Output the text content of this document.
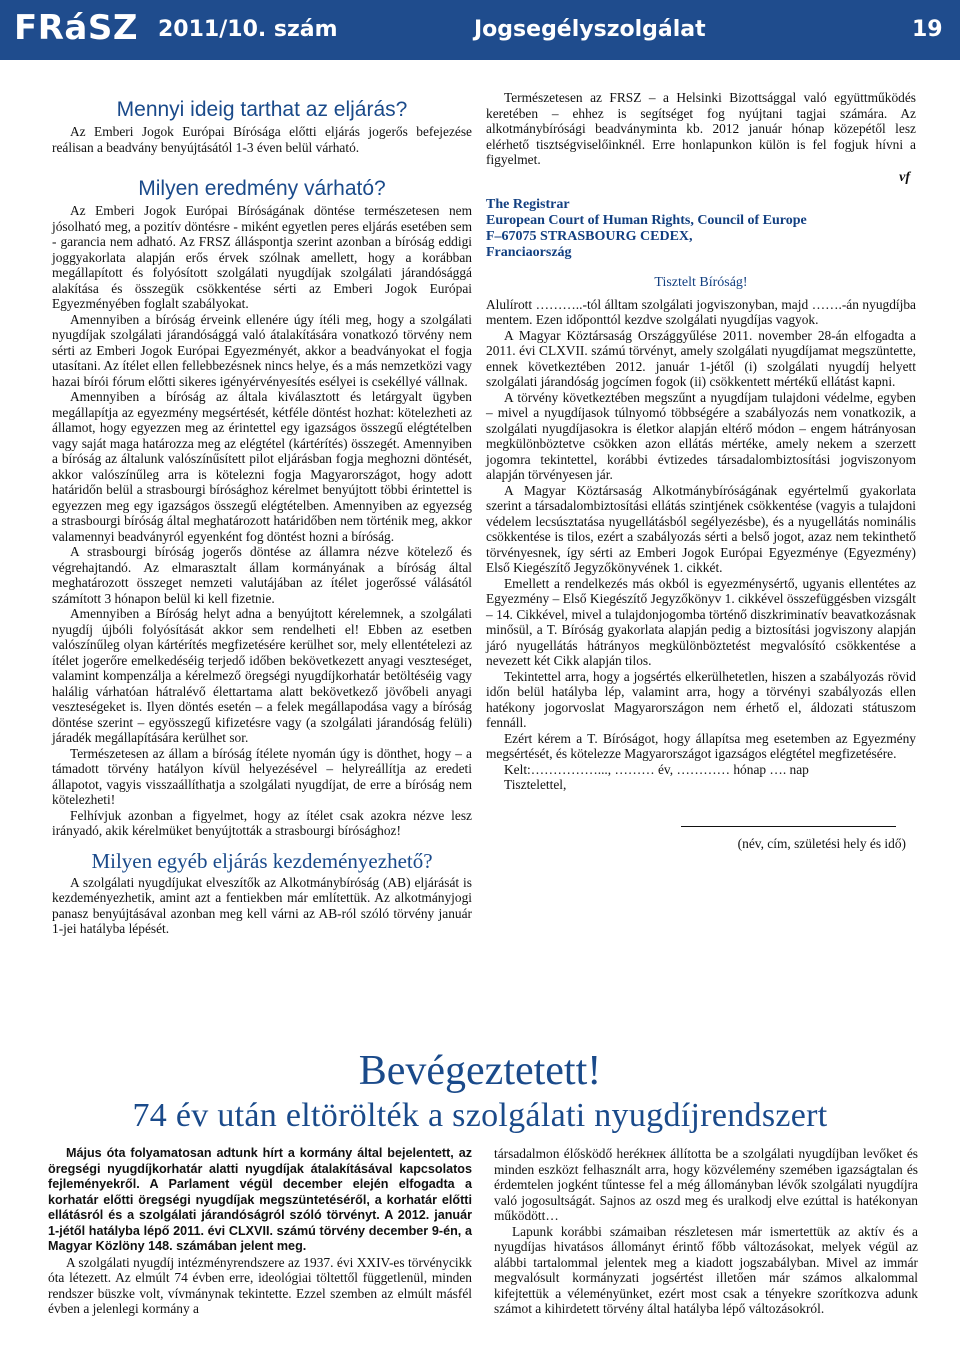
FRáSZ 2011/10. szám	Jogsegélyszolgálat	19
Mennyi ideig tarthat az eljárás?

Az Emberi Jogok Európai Bírósága előtti eljárás jogerős befejezése reálisan a beadvány benyújtásától 1-3 éven belül várható.

Milyen eredmény várható?

Az Emberi Jogok Európai Bíróságának döntése természetesen nem jósolható meg, a pozitív döntésre - miként egyetlen peres eljárás esetében sem - garancia nem adható. Az FRSZ álláspontja szerint azonban a bíróság eddigi joggyakorlata alapján erős érvek szólnak amellett, hogy a korábban megállapított és folyósított szolgálati nyugdíjak szolgálati járandósággá alakítása és összegük csökkentése sérti az Emberi Jogok Európai Egyezményében foglalt szabályokat.

Amennyiben a bíróság érveink ellenére úgy ítéli meg, hogy a szolgálati nyugdíjak szolgálati járandósággá való átalakítására vonatkozó törvény nem sérti az Emberi Jogok Európai Egyezményét, akkor a beadványokat el fogja utasítani. Az ítélet ellen fellebbezésnek nincs helye, és a más nemzetközi vagy hazai bírói fórum előtti sikeres igényérvényesítés esélyei is csekéllyé vállnak.

Amennyiben a bíróság az általa kiválasztott és letárgyalt ügyben megállapítja az egyezmény megsértését, kétféle döntést hozhat: kötelezheti az államot, hogy egyezzen meg az érintettel egy igazságos összegű elégtételben vagy saját maga határozza meg az elégtétel (kártérítés) összegét. Amennyiben a bíróság az általunk valószínűsített pilot eljárásban fogja meghozni döntését, akkor valószínűleg arra is kötelezni fogja Magyarországot, hogy adott határidőn belül a strasbourgi bírósághoz kérelmet benyújtott többi érintettel is egyezzen meg egy igazságos összegű elégtételben. Amennyiben az egyezség a strasbourgi bíróság által meghatározott határidőben nem történik meg, akkor valamennyi beadványról egyenként fog döntést hozni a bíróság.

A strasbourgi bíróság jogerős döntése az államra nézve kötelező és végrehajtandó. Az elmarasztalt állam kormányának a bíróság által meghatározott összeget nemzeti valutájában az ítélet jogerőssé válásától számított 3 hónapon belül ki kell fizetnie.

Amennyiben a Bíróság helyt adna a benyújtott kérelemnek, a szolgálati nyugdíj újbóli folyósítását akkor sem rendelheti el! Ebben az esetben valószínűleg olyan kártérítés megfizetésére kerülhet sor, mely ellentételezi az ítélet jogerőre emelkedéséig terjedő időben bekövetkezett anyagi veszteséget, valamint kompenzálja a kérelmező öregségi nyugdíjkorhatár betöltéséig vagy halálig várhatóan hátralévő élettartama alatt bekövetkező jövőbeli anyagi veszteségeket is. Ilyen döntés esetén – a felek megállapodása vagy a bíróság döntése szerint – egyösszegű kifizetésre vagy (a szolgálati járandóság felüli) járadék megállapítására kerülhet sor.

Természetesen az állam a bíróság ítélete nyomán úgy is dönthet, hogy – a támadott törvény hatályon kívül helyezésével – helyreállítja az eredeti állapotot, vagyis visszaállíthatja a szolgálati nyugdíjat, de erre a bíróság nem kötelezheti!

Felhívjuk azonban a figyelmet, hogy az ítélet csak azokra nézve lesz irányadó, akik kérelmüket benyújtották a strasbourgi bírósághoz!

Milyen egyéb eljárás kezdeményezhető?

A szolgálati nyugdíjukat elveszítők az Alkotmánybíróság (AB) eljárását is kezdeményezhetik, amint azt a fentiekben már említettük. Az alkotmányjogi panasz benyújtásával azonban meg kell várni az AB-ról szóló törvény január 1-jei hatályba lépését.

Természetesen az FRSZ – a Helsinki Bizottsággal való együttműködés keretében – ehhez is segítséget fog nyújtani tagjai számára. Az alkotmánybírósági beadványminta kb. 2012 január hónap közepétől lesz elérhető tisztségviselőinknél. Erre honlapunkon külön is fel fogjuk hívni a figyelmet.

vf
The Registrar
European Court of Human Rights, Council of Europe
F–67075 STRASBOURG CEDEX,
Franciaország
Tisztelt Bíróság!

Alulírott ………..-tól álltam szolgálati jogviszonyban, majd …….-án nyugdíjba mentem. Ezen időponttól kezdve szolgálati nyugdíjas vagyok.

A Magyar Köztársaság Országgyűlése 2011. november 28-án elfogadta a 2011. évi CLXVII. számú törvényt, amely szolgálati nyugdíjamat megszüntette, ennek következtében 2012. január 1-jétől (i) szolgálati nyugdíj helyett szolgálati járandóság jogcímen fogok (ii) csökkentett mértékű ellátást kapni.

A törvény következtében megszűnt a nyugdíjam tulajdoni védelme, egyben – mivel a nyugdíjasok túlnyomó többségére a szabályozás nem vonatkozik, a szolgálati nyugdíjasokra is életkor alapján eltérő módon – engem hátrányosan megkülönböztetve csökken azon ellátás mértéke, amely nekem a szerzett jogomra tekintettel, korábbi évtizedes társadalombiztosítási jogviszonyom alapján törvényesen jár.

A Magyar Köztársaság Alkotmánybíróságának egyértelmű gyakorlata szerint a társadalombiztosítási ellátás szintjének csökkentése (vagyis a tulajdoni védelem lecsúsztatása nyugellátásból segélyezésbe), és a nyugellátás nominális csökkentése is tilos, ezért a szabályozás sérti a belső jogot, azaz nem tekinthető törvényesnek, így sérti az Emberi Jogok Európai Egyezménye (Egyezmény) Első Kiegészítő Jegyzőkönyvének 1. cikkét.

Emellett a rendelkezés más okból is egyezménysértő, ugyanis ellentétes az Egyezmény – Első Kiegészítő Jegyzőkönyv 1. cikkével összefüggésben vizsgált – 14. Cikkével, mivel a tulajdonjogomba történő diszkriminatív beavatkozásnak minősül, a T. Bíróság gyakorlata alapján pedig a biztosítási jogviszony alapján járó nyugellátás hátrányos megkülönböztetést megvalósító csökkentése a nevezett két Cikk alapján tilos.

Tekintettel arra, hogy a jogsértés elkerülhetetlen, hiszen a szabályozás rövid időn belül hatályba lép, valamint arra, hogy a törvényi szabályozás ellen hatékony jogorvoslat Magyarországon nem érhető el, áldozati státuszom fennáll.

Ezért kérem a T. Bíróságot, hogy állapítsa meg esetemben az Egyezmény megsértését, és kötelezze Magyarországot igazságos elégtétel megfizetésére.

Kelt:……………..., ……… év, ………… hónap …. nap

Tisztelettel,

(név, cím, születési hely és idő)
Bevégeztetett!
74 év után eltörölték a szolgálati nyugdíjrendszert

Május óta folyamatosan adtunk hírt a kormány által bejelentett, az öregségi nyugdíjkorhatár alatti nyugdíjak átalakításával kapcsolatos fejleményekről. A Parlament végül december elején elfogadta a korhatár előtti öregségi nyugdíjak megszüntetéséről, a korhatár előtti ellátásról és a szolgálati járandóságról szóló törvényt. A 2012. január 1-jétől hatályba lépő 2011. évi CLXVII. számú törvény december 9-én, a Magyar Közlöny 148. számában jelent meg.

A szolgálati nyugdíj intézményrendszere az 1937. évi XXIV-es törvénycikk óta létezett. Az elmúlt 74 évben erre, ideológiai töltettől függetlenül, minden rendszer büszke volt, vívmánynak tekintette. Ezzel szemben az elmúlt másfél évben a jelenlegi kormány a

társadalmon élősködő herékнек állította be a szolgálati nyugdíjban levőket és minden eszközt felhasznált arra, hogy közvélemény szemében igazságtalan és érdemtelen jogként tűntesse fel a még állományban lévők szolgálati nyugdíjra való jogosultságát. Sajnos az oszd meg és uralkodj elve ezúttal is hatékonyan működött…

Lapunk korábbi számaiban részletesen már ismertettük az aktív és a nyugdíjas hivatásos állományt érintő főbb változásokat, melyek végül az alábbi tartalommal jelentek meg a kiadott jogszabályban. Mivel az immár megvalósult kormányzati jogsértést illetően már számos alkalommal kifejtettük a véleményünket, ezért most csak a tényekre szorítkozva adunk számot a kihirdetett törvény által hatályba lépő változásokról.
